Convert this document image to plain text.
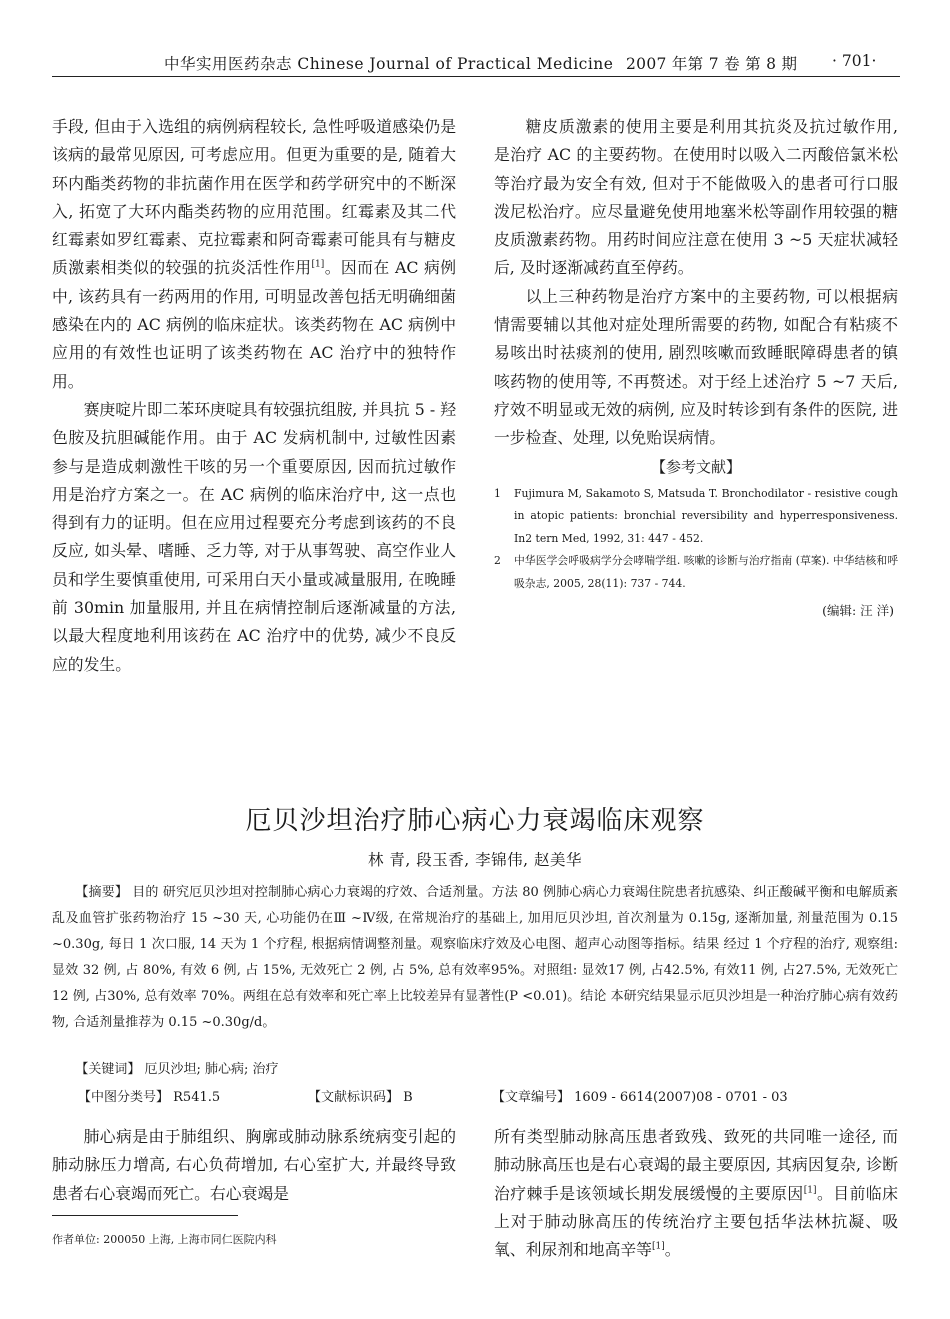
中华实用医药杂志 Chinese Journal of Practical Medicine 2007 年第 7 卷 第 8 期 · 701·

手段, 但由于入选组的病例病程较长, 急性呼吸道感染仍是该病的最常见原因, 可考虑应用。但更为重要的是, 随着大环内酯类药物的非抗菌作用在医学和药学研究中的不断深入, 拓宽了大环内酯类药物的应用范围。红霉素及其二代红霉素如罗红霉素、克拉霉素和阿奇霉素可能具有与糖皮质激素相类似的较强的抗炎活性作用[1]。因而在 AC 病例中, 该药具有一药两用的作用, 可明显改善包括无明确细菌感染在内的 AC 病例的临床症状。该类药物在 AC 病例中应用的有效性也证明了该类药物在 AC 治疗中的独特作用。

赛庚啶片即二苯环庚啶具有较强抗组胺, 并具抗 5 - 羟色胺及抗胆碱能作用。由于 AC 发病机制中, 过敏性因素参与是造成刺激性干咳的另一个重要原因, 因而抗过敏作用是治疗方案之一。在 AC 病例的临床治疗中, 这一点也得到有力的证明。但在应用过程要充分考虑到该药的不良反应, 如头晕、嗜睡、乏力等, 对于从事驾驶、高空作业人员和学生要慎重使用, 可采用白天小量或减量服用, 在晚睡前 30min 加量服用, 并且在病情控制后逐渐减量的方法, 以最大程度地利用该药在 AC 治疗中的优势, 减少不良反应的发生。

糖皮质激素的使用主要是利用其抗炎及抗过敏作用, 是治疗 AC 的主要药物。在使用时以吸入二丙酸倍氯米松等治疗最为安全有效, 但对于不能做吸入的患者可行口服泼尼松治疗。应尽量避免使用地塞米松等副作用较强的糖皮质激素药物。用药时间应注意在使用 3 ~5 天症状减轻后, 及时逐渐减药直至停药。

以上三种药物是治疗方案中的主要药物, 可以根据病情需要辅以其他对症处理所需要的药物, 如配合有粘痰不易咳出时祛痰剂的使用, 剧烈咳嗽而致睡眠障碍患者的镇咳药物的使用等, 不再赘述。对于经上述治疗 5 ~7 天后, 疗效不明显或无效的病例, 应及时转诊到有条件的医院, 进一步检查、处理, 以免贻误病情。

【参考文献】
1 Fujimura M, Sakamoto S, Matsuda T. Bronchodilator - resistive cough in atopic patients: bronchial reversibility and hyperresponsiveness. In2 tern Med, 1992, 31: 447 - 452.
2 中华医学会呼吸病学分会哮喘学组. 咳嗽的诊断与治疗指南 (草案). 中华结核和呼吸杂志, 2005, 28(11): 737 - 744.
(编辑: 汪 洋)
厄贝沙坦治疗肺心病心力衰竭临床观察
林 青, 段玉香, 李锦伟, 赵美华

【摘要】 目的 研究厄贝沙坦对控制肺心病心力衰竭的疗效、合适剂量。方法 80 例肺心病心力衰竭住院患者抗感染、纠正酸碱平衡和电解质紊乱及血管扩张药物治疗 15 ~30 天, 心功能仍在Ⅲ ~Ⅳ级, 在常规治疗的基础上, 加用厄贝沙坦, 首次剂量为 0.15g, 逐渐加量, 剂量范围为 0.15 ~0.30g, 每日 1 次口服, 14 天为 1 个疗程, 根据病情调整剂量。观察临床疗效及心电图、超声心动图等指标。结果 经过 1 个疗程的治疗, 观察组: 显效 32 例, 占 80%, 有效 6 例, 占 15%, 无效死亡 2 例, 占 5%, 总有效率95%。对照组: 显效17 例, 占42.5%, 有效11 例, 占27.5%, 无效死亡12 例, 占30%, 总有效率 70%。两组在总有效率和死亡率上比较差异有显著性(P <0.01)。结论 本研究结果显示厄贝沙坦是一种治疗肺心病有效药物, 合适剂量推荐为 0.15 ~0.30g/d。

【关键词】 厄贝沙坦; 肺心病; 治疗
【中图分类号】 R541.5	【文献标识码】 B	【文章编号】 1609 - 6614(2007)08 - 0701 - 03
肺心病是由于肺组织、胸廓或肺动脉系统病变引起的肺动脉压力增高, 右心负荷增加, 右心室扩大, 并最终导致患者右心衰竭而死亡。右心衰竭是
所有类型肺动脉高压患者致残、致死的共同唯一途径, 而肺动脉高压也是右心衰竭的最主要原因, 其病因复杂, 诊断治疗棘手是该领域长期发展缓慢的主要原因[1]。目前临床上对于肺动脉高压的传统治疗主要包括华法林抗凝、吸氧、利尿剂和地高辛等[1]。
作者单位: 200050 上海, 上海市同仁医院内科
